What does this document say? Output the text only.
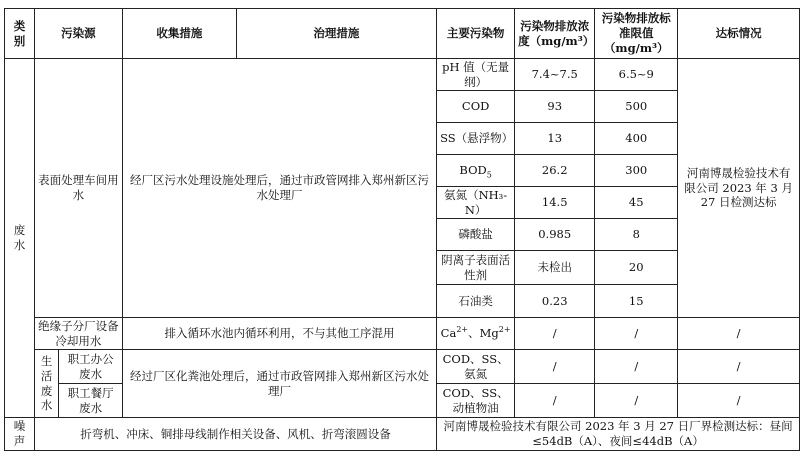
类别	污染源		收集措施	治理措施	主要污染物	污染物排放浓度（mg/m³）	污染物排放标准限值（mg/m³）	达标情况
废水	表面处理车间用水		经厂区污水处理设施处理后，通过市政管网排入郑州新区污水处理厂		pH 值（无量纲）	7.4~7.5	6.5~9	河南博晟检验技术有限公司 2023 年 3 月 27 日检测达标
					COD	93	500	
					SS（悬浮物）	13	400	
					$BOD_5$	26.2	300	
					氨氮（NH₃-N）	14.5	45	
					磷酸盐	0.985	8	
					阴离子表面活性剂	未检出	20	
					石油类	0.23	15	
	绝缘子分厂设备冷却用水		排入循环水池内循环利用，不与其他工序混用		$Ca^{2+}$、$Mg^{2+}$	/	/	/
	生活废水	职工办公废水	经过厂区化粪池处理后，通过市政管网排入郑州新区污水处理厂		COD、SS、氨氮	/	/	/
		职工餐厅废水			COD、SS、动植物油	/	/	/
噪声	折弯机、冲床、铜排母线制作相关设备、风机、折弯滚圆设备				河南博晟检验技术有限公司 2023 年 3 月 27 日厂界检测达标：昼间≤54dB（A）、夜间≤44dB（A）			
